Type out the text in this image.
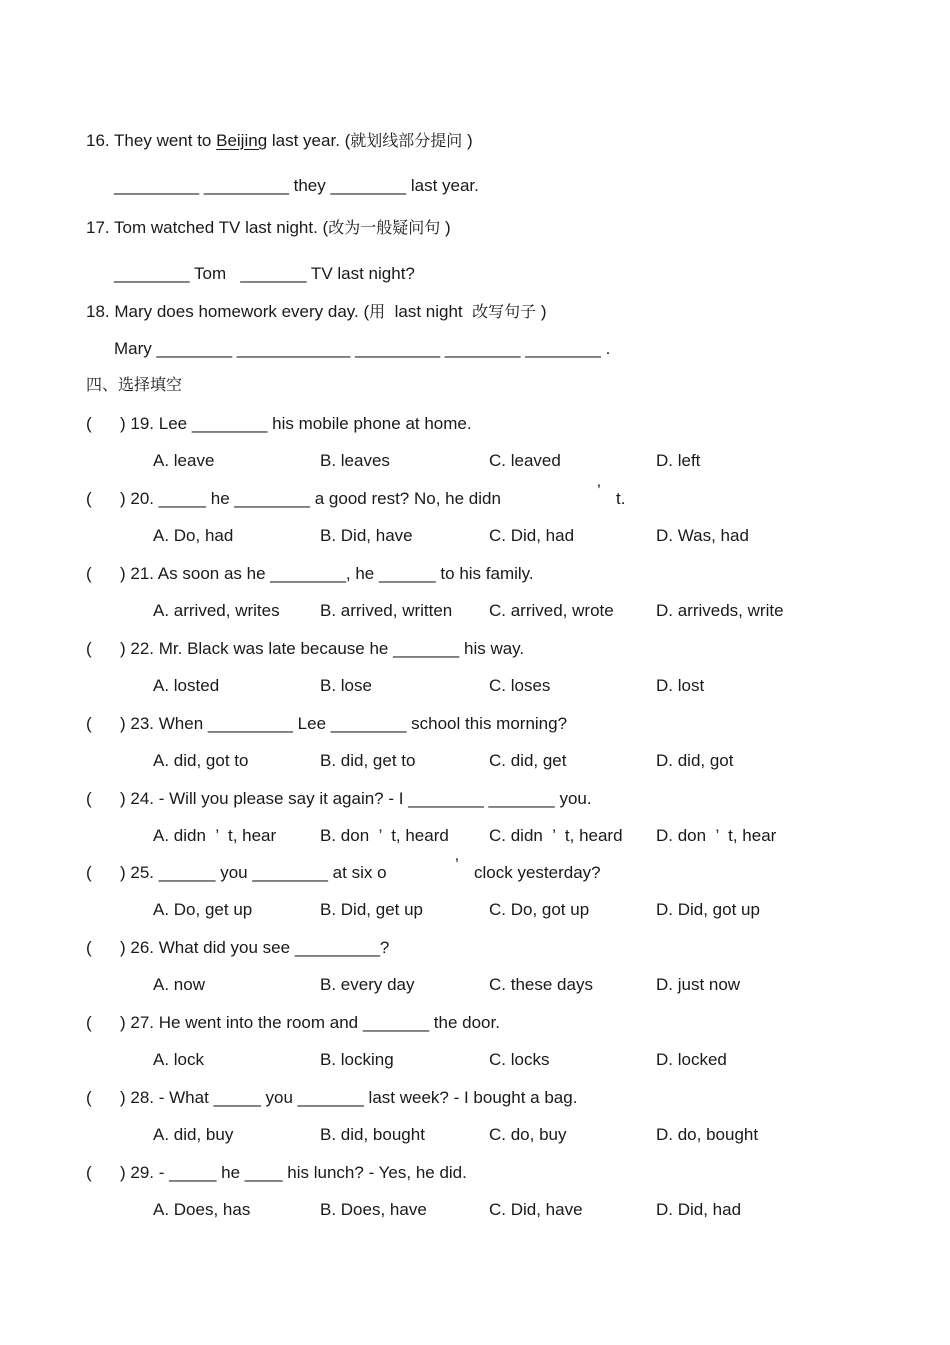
16. They went to Beijing last year. (就划线部分提问 )
_________ _________ they ________ last year.
17. Tom watched TV last night. (改为一般疑问句 )
________ Tom   _______ TV last night?
18. Mary does homework every day. (用  last night  改写句子 )
Mary ________ ____________ _________ ________ ________ .
四、选择填空
(      ) 19. Lee ________ his mobile phone at home.
A. leave	B. leaves	C. leaved	D. left
(      ) 20. _____ he ________ a good rest? No, he didn	’ t.
A. Do, had	B. Did, have	C. Did, had	D. Was, had
(      ) 21. As soon as he ________, he ______ to his family.
A. arrived, writes B. arrived, written C. arrived, wrote D. arriveds, write
(      ) 22. Mr. Black was late because he _______ his way.
A. losted	B. lose	C. loses	D. lost
(      ) 23. When _________ Lee ________ school this morning?
A. did, got to	B. did, get to	C. did, get	D. did, got
(      ) 24. - Will you please say it again? - I ________ _______ you.
A. didn  ’  t, hear	B. don  ’  t, heard C. didn  ’  t, heard D. don  ’  t, hear
(      ) 25. ______ you ________ at six o	’ clock yesterday?
A. Do, get up	B. Did, get up	C. Do, got up	D. Did, got up
(      ) 26. What did you see _________?
A. now	B. every day	C. these days	D. just now
(      ) 27. He went into the room and _______ the door.
A. lock	B. locking	C. locks	D. locked
(      ) 28. - What _____ you _______ last week? - I bought a bag.
A. did, buy	B. did, bought	C. do, buy	D. do, bought
(      ) 29. - _____ he ____ his lunch? - Yes, he did.
A. Does, has	B. Does, have	C. Did, have	D. Did, had
